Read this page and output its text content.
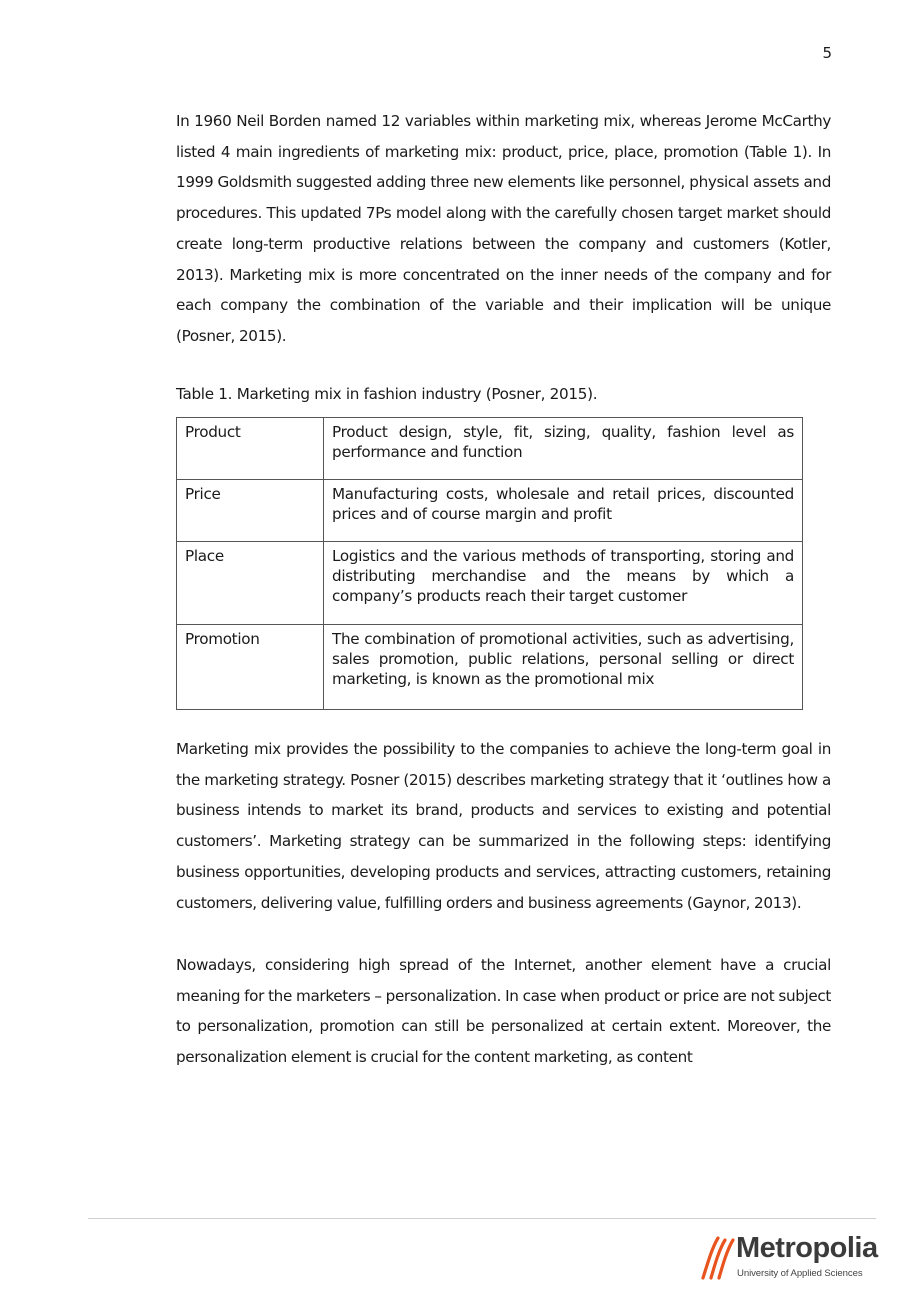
5

In 1960 Neil Borden named 12 variables within marketing mix, whereas Jerome McCarthy listed 4 main ingredients of marketing mix: product, price, place, promotion (Table 1). In 1999 Goldsmith suggested adding three new elements like personnel, physical assets and procedures. This updated 7Ps model along with the carefully chosen target market should create long-term productive relations between the company and customers (Kotler, 2013). Marketing mix is more concentrated on the inner needs of the company and for each company the combination of the variable and their implication will be unique (Posner, 2015).

Table 1. Marketing mix in fashion industry (Posner, 2015).

Product	Product design, style, fit, sizing, quality, fashion level as performance and function
Price	Manufacturing costs, wholesale and retail prices, discounted prices and of course margin and profit
Place	Logistics and the various methods of transporting, storing and distributing merchandise and the means by which a company’s products reach their target customer
Promotion	The combination of promotional activities, such as advertising, sales promotion, public relations, personal selling or direct marketing, is known as the promotional mix

Marketing mix provides the possibility to the companies to achieve the long-term goal in the marketing strategy. Posner (2015) describes marketing strategy that it ‘outlines how a business intends to market its brand, products and services to existing and potential customers’. Marketing strategy can be summarized in the following steps: identifying business opportunities, developing products and services, attracting customers, retaining customers, delivering value, fulfilling orders and business agreements (Gaynor, 2013).

Nowadays, considering high spread of the Internet, another element have a crucial meaning for the marketers – personalization. In case when product or price are not subject to personalization, promotion can still be personalized at certain extent. Moreover, the personalization element is crucial for the content marketing, as content

Metropolia
University of Applied Sciences
